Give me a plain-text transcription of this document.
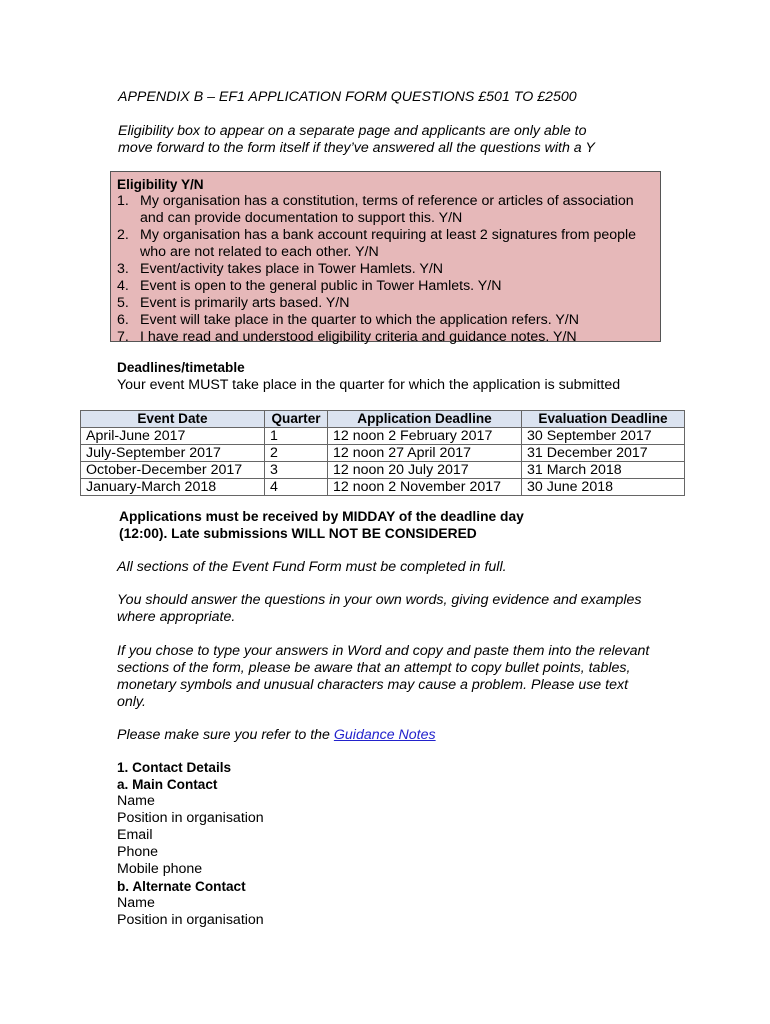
APPENDIX B – EF1 APPLICATION FORM QUESTIONS £501 TO £2500
Eligibility box to appear on a separate page and applicants are only able to
move forward to the form itself if they’ve answered all the questions with a Y
Eligibility Y/N
1. My organisation has a constitution, terms of reference or articles of association and can provide documentation to support this. Y/N
2. My organisation has a bank account requiring at least 2 signatures from people who are not related to each other. Y/N
3. Event/activity takes place in Tower Hamlets. Y/N
4. Event is open to the general public in Tower Hamlets. Y/N
5. Event is primarily arts based. Y/N
6. Event will take place in the quarter to which the application refers. Y/N
7. I have read and understood eligibility criteria and guidance notes. Y/N
Deadlines/timetable
Your event MUST take place in the quarter for which the application is submitted
Event Date	Quarter	Application Deadline	Evaluation Deadline
April-June 2017	1	12 noon 2 February 2017	30 September 2017
July-September 2017	2	12 noon 27 April 2017	31 December 2017
October-December 2017	3	12 noon 20 July 2017	31 March 2018
January-March 2018	4	12 noon 2 November 2017	30 June 2018
Applications must be received by MIDDAY of the deadline day
(12:00). Late submissions WILL NOT BE CONSIDERED
All sections of the Event Fund Form must be completed in full.
You should answer the questions in your own words, giving evidence and examples where appropriate.
If you chose to type your answers in Word and copy and paste them into the relevant sections of the form, please be aware that an attempt to copy bullet points, tables, monetary symbols and unusual characters may cause a problem. Please use text only.
Please make sure you refer to the Guidance Notes
1. Contact Details
a. Main Contact
Name
Position in organisation
Email
Phone
Mobile phone
b. Alternate Contact
Name
Position in organisation
